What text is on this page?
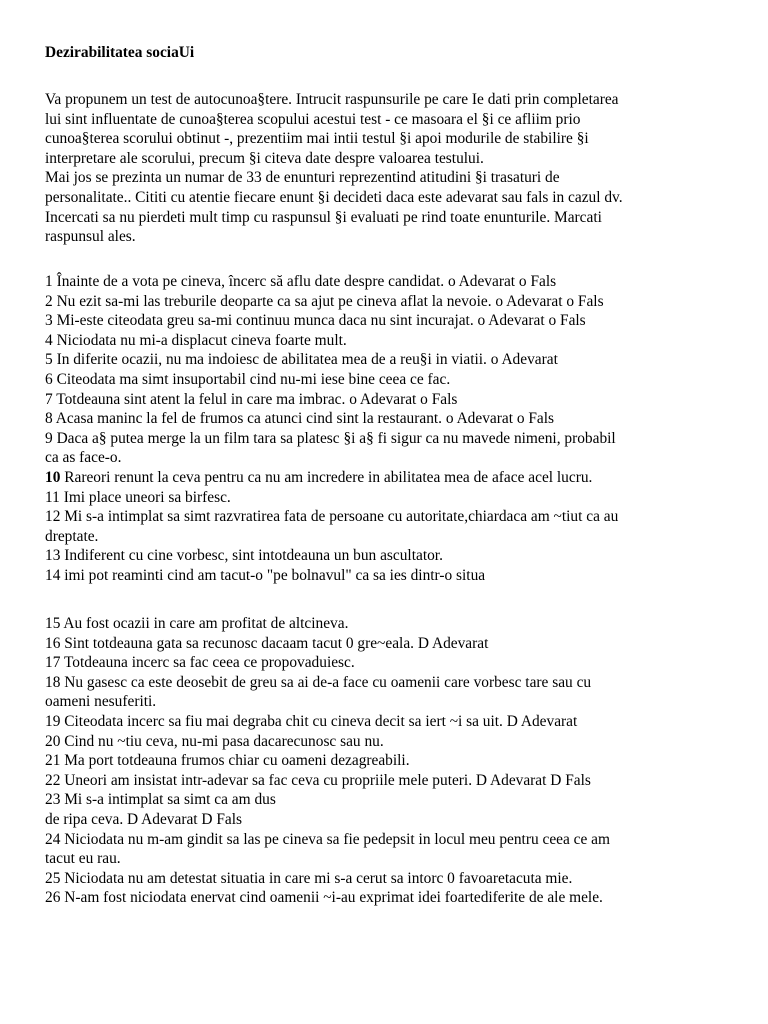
Dezirabilitatea sociaUi

Va propunem un test de autocunoa§tere. Intrucit raspunsurile pe care Ie dati prin completarea
lui sint influentate de cunoa§terea scopului acestui test - ce masoara el §i ce afliim prio
cunoa§terea scorului obtinut -, prezentiim mai intii testul §i apoi modurile de stabilire §i
interpretare ale scorului, precum §i citeva date despre valoarea testului.
Mai jos se prezinta un numar de 33 de enunturi reprezentind atitudini §i trasaturi de
personalitate.. Cititi cu atentie fiecare enunt §i decideti daca este adevarat sau fals in cazul dv.
Incercati sa nu pierdeti mult timp cu raspunsul §i evaluati pe rind toate enunturile. Marcati
raspunsul ales.

1 Înainte de a vota pe cineva, încerc să aflu date despre candidat. o Adevarat o Fals
2 Nu ezit sa-mi las treburile deoparte ca sa ajut pe cineva aflat la nevoie. o Adevarat o Fals
3 Mi-este citeodata greu sa-mi continuu munca daca nu sint incurajat. o Adevarat o Fals
4 Niciodata nu mi-a displacut cineva foarte mult.
5 In diferite ocazii, nu ma indoiesc de abilitatea mea de a reu§i in viatii. o Adevarat
6 Citeodata ma simt insuportabil cind nu-mi iese bine ceea ce fac.
7 Totdeauna sint atent la felul in care ma imbrac. o Adevarat o Fals
8 Acasa maninc la fel de frumos ca atunci cind sint la restaurant. o Adevarat o Fals
9 Daca a§ putea merge la un film tara sa platesc §i a§ fi sigur ca nu mavede nimeni, probabil
ca as face-o.
10 Rareori renunt la ceva pentru ca nu am incredere in abilitatea mea de aface acel lucru.
11 Imi place uneori sa birfesc.
12 Mi s-a intimplat sa simt razvratirea fata de persoane cu autoritate,chiardaca am ~tiut ca au
dreptate.
13 Indiferent cu cine vorbesc, sint intotdeauna un bun ascultator.
14 imi pot reaminti cind am tacut-o "pe bolnavul" ca sa ies dintr-o situa
15 Au fost ocazii in care am profitat de altcineva.
16 Sint totdeauna gata sa recunosc dacaam tacut 0 gre~eala. D Adevarat
17 Totdeauna incerc sa fac ceea ce propovaduiesc.
18 Nu gasesc ca este deosebit de greu sa ai de-a face cu oamenii care vorbesc tare sau cu
oameni nesuferiti.
19 Citeodata incerc sa fiu mai degraba chit cu cineva decit sa iert ~i sa uit. D Adevarat
20 Cind nu ~tiu ceva, nu-mi pasa dacarecunosc sau nu.
21 Ma port totdeauna frumos chiar cu oameni dezagreabili.
22 Uneori am insistat intr-adevar sa fac ceva cu propriile mele puteri. D Adevarat D Fals
23 Mi s-a intimplat sa simt ca am dus
de ripa ceva. D Adevarat D Fals
24 Niciodata nu m-am gindit sa las pe cineva sa fie pedepsit in locul meu pentru ceea ce am
tacut eu rau.
25 Niciodata nu am detestat situatia in care mi s-a cerut sa intorc 0 favoaretacuta mie.
26 N-am fost niciodata enervat cind oamenii ~i-au exprimat idei foartediferite de ale mele.
